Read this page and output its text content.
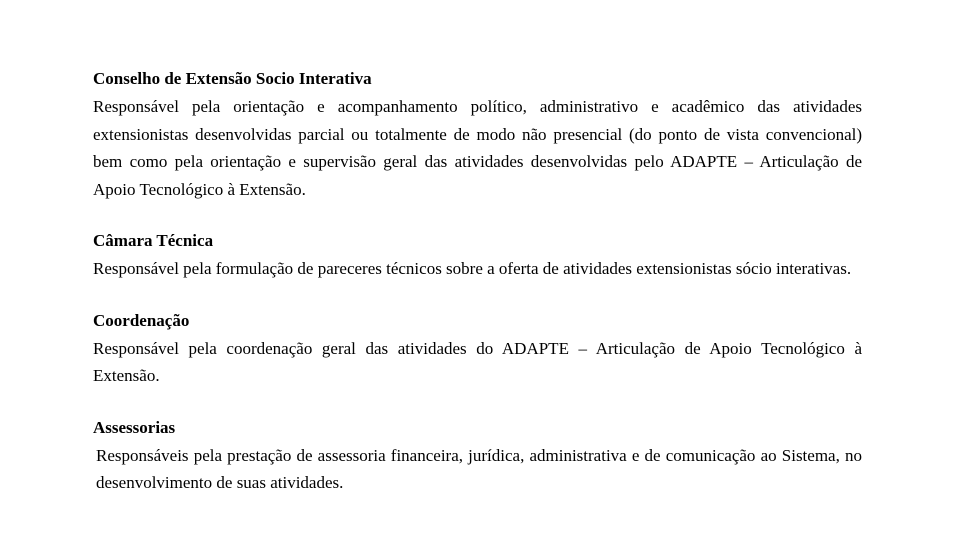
Conselho de Extensão Socio Interativa

Responsável pela orientação e acompanhamento político, administrativo e acadêmico das atividades extensionistas desenvolvidas parcial ou totalmente de modo não presencial (do ponto de vista convencional) bem como pela orientação e supervisão geral das atividades desenvolvidas pelo ADAPTE – Articulação de Apoio Tecnológico à Extensão.

Câmara Técnica

Responsável pela formulação de pareceres técnicos sobre a oferta de atividades extensionistas sócio interativas.

Coordenação

Responsável pela coordenação geral das atividades do ADAPTE – Articulação de Apoio Tecnológico à Extensão.

Assessorias

Responsáveis pela prestação de assessoria financeira, jurídica, administrativa e de comunicação ao Sistema, no desenvolvimento de suas atividades.
